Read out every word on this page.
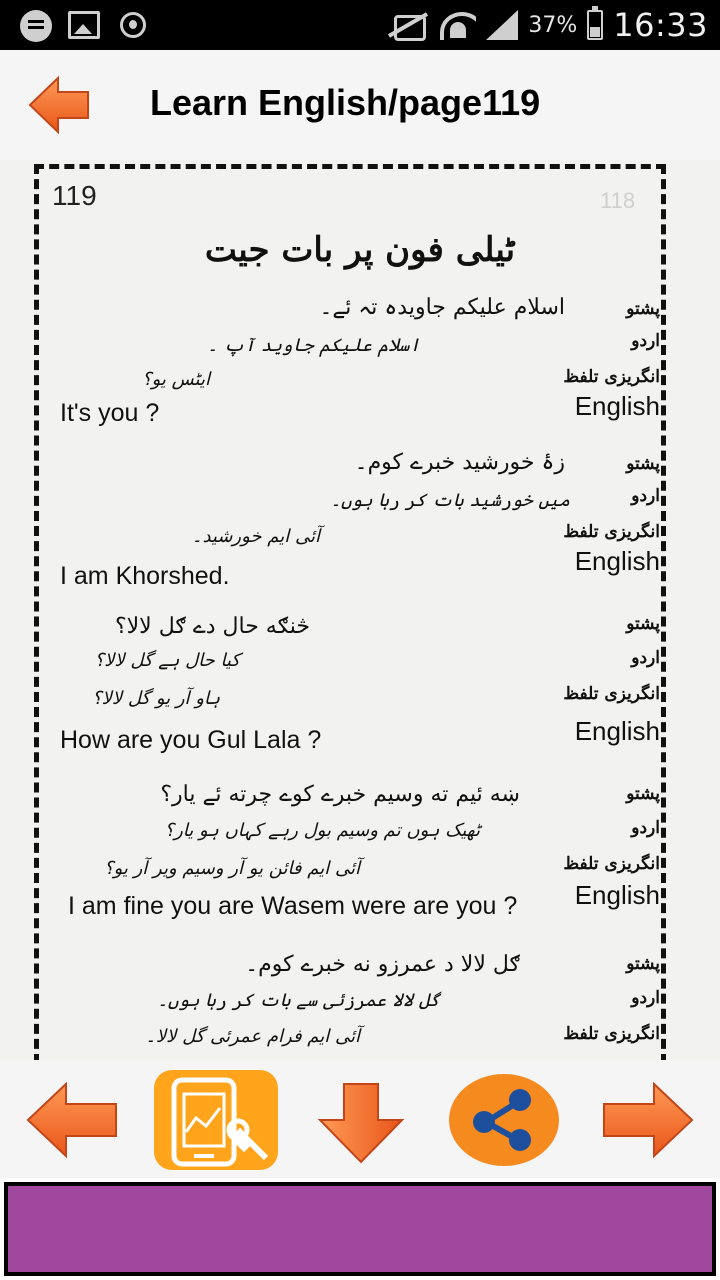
37% 16:33
Learn English/page119
118
119
ٹیلی فون پر بات جیت
پشتو
اسلام علیکم جاویدہ تہ ئے۔
اردو
اسلام علیکم جاوید آپ ۔
انگریزی تلفظ
ایٹس یو؟
English
It's you ?
پشتو
زۂ خورشید خبرے کوم۔
اردو
میں خورشید بات کر رہا ہوں۔
انگریزی تلفظ
آئی ایم خورشید۔
English
I am Khorshed.
پشتو
څنګه حال دے ګل لالا؟
اردو
کیا حال ہے گل لالا؟
انگریزی تلفظ
ہاو آر یو گل لالا؟
English
How are you Gul Lala ?
پشتو
ښه ئیم ته وسیم خبرے کوے چرته ئے یار؟
اردو
ٹھیک ہوں تم وسیم بول رہے کہاں ہو یار؟
انگریزی تلفظ
آئی ایم فائن یو آر وسیم ویر آر یو؟
English
I am fine you are Wasem were are you ?
پشتو
ګل لالا د عمرزو نه خبرے کوم۔
اردو
گل لالا عمرزئی سے بات کر رہا ہوں۔
انگریزی تلفظ
آئی ایم فرام عمرئی گل لالا۔
